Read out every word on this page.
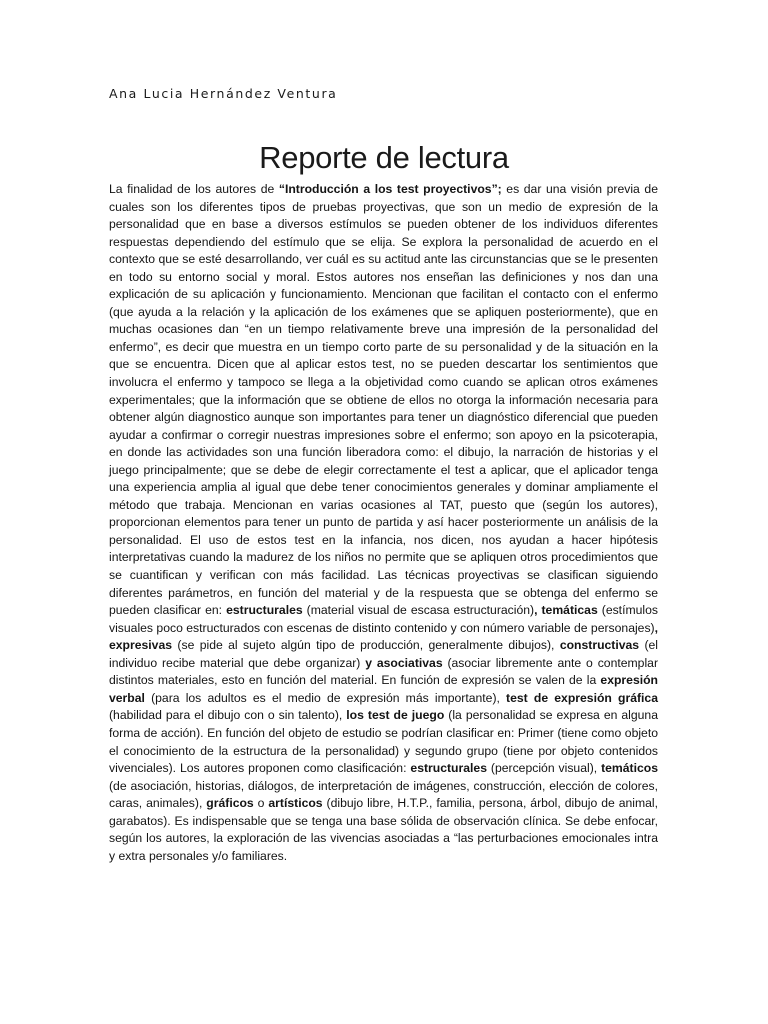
Ana Lucia Hernández Ventura
Reporte de lectura

La finalidad de los autores de “Introducción a los test proyectivos”; es dar una visión previa de cuales son los diferentes tipos de pruebas proyectivas, que son un medio de expresión de la personalidad que en base a diversos estímulos se pueden obtener de los individuos diferentes respuestas dependiendo del estímulo que se elija. Se explora la personalidad de acuerdo en el contexto que se esté desarrollando, ver cuál es su actitud ante las circunstancias que se le presenten en todo su entorno social y moral. Estos autores nos enseñan las definiciones y nos dan una explicación de su aplicación y funcionamiento. Mencionan que facilitan el contacto con el enfermo (que ayuda a la relación y la aplicación de los exámenes que se apliquen posteriormente), que en muchas ocasiones dan “en un tiempo relativamente breve una impresión de la personalidad del enfermo”, es decir que muestra en un tiempo corto parte de su personalidad y de la situación en la que se encuentra. Dicen que al aplicar estos test, no se pueden descartar los sentimientos que involucra el enfermo y tampoco se llega a la objetividad como cuando se aplican otros exámenes experimentales; que la información que se obtiene de ellos no otorga la información necesaria para obtener algún diagnostico aunque son importantes para tener un diagnóstico diferencial que pueden ayudar a confirmar o corregir nuestras impresiones sobre el enfermo; son apoyo en la psicoterapia, en donde las actividades son una función liberadora como: el dibujo, la narración de historias y el juego principalmente; que se debe de elegir correctamente el test a aplicar, que el aplicador tenga una experiencia amplia al igual que debe tener conocimientos generales y dominar ampliamente el método que trabaja. Mencionan en varias ocasiones al TAT, puesto que (según los autores), proporcionan elementos para tener un punto de partida y así hacer posteriormente un análisis de la personalidad. El uso de estos test en la infancia, nos dicen, nos ayudan a hacer hipótesis interpretativas cuando la madurez de los niños no permite que se apliquen otros procedimientos que se cuantifican y verifican con más facilidad. Las técnicas proyectivas se clasifican siguiendo diferentes parámetros, en función del material y de la respuesta que se obtenga del enfermo se pueden clasificar en: estructurales (material visual de escasa estructuración), temáticas (estímulos visuales poco estructurados con escenas de distinto contenido y con número variable de personajes), expresivas (se pide al sujeto algún tipo de producción, generalmente dibujos), constructivas (el individuo recibe material que debe organizar) y asociativas (asociar libremente ante o contemplar distintos materiales, esto en función del material. En función de expresión se valen de la expresión verbal (para los adultos es el medio de expresión más importante), test de expresión gráfica (habilidad para el dibujo con o sin talento), los test de juego (la personalidad se expresa en alguna forma de acción). En función del objeto de estudio se podrían clasificar en: Primer (tiene como objeto el conocimiento de la estructura de la personalidad) y segundo grupo (tiene por objeto contenidos vivenciales). Los autores proponen como clasificación: estructurales (percepción visual), temáticos (de asociación, historias, diálogos, de interpretación de imágenes, construcción, elección de colores, caras, animales), gráficos o artísticos (dibujo libre, H.T.P., familia, persona, árbol, dibujo de animal, garabatos). Es indispensable que se tenga una base sólida de observación clínica. Se debe enfocar, según los autores, la exploración de las vivencias asociadas a “las perturbaciones emocionales intra y extra personales y/o familiares.
